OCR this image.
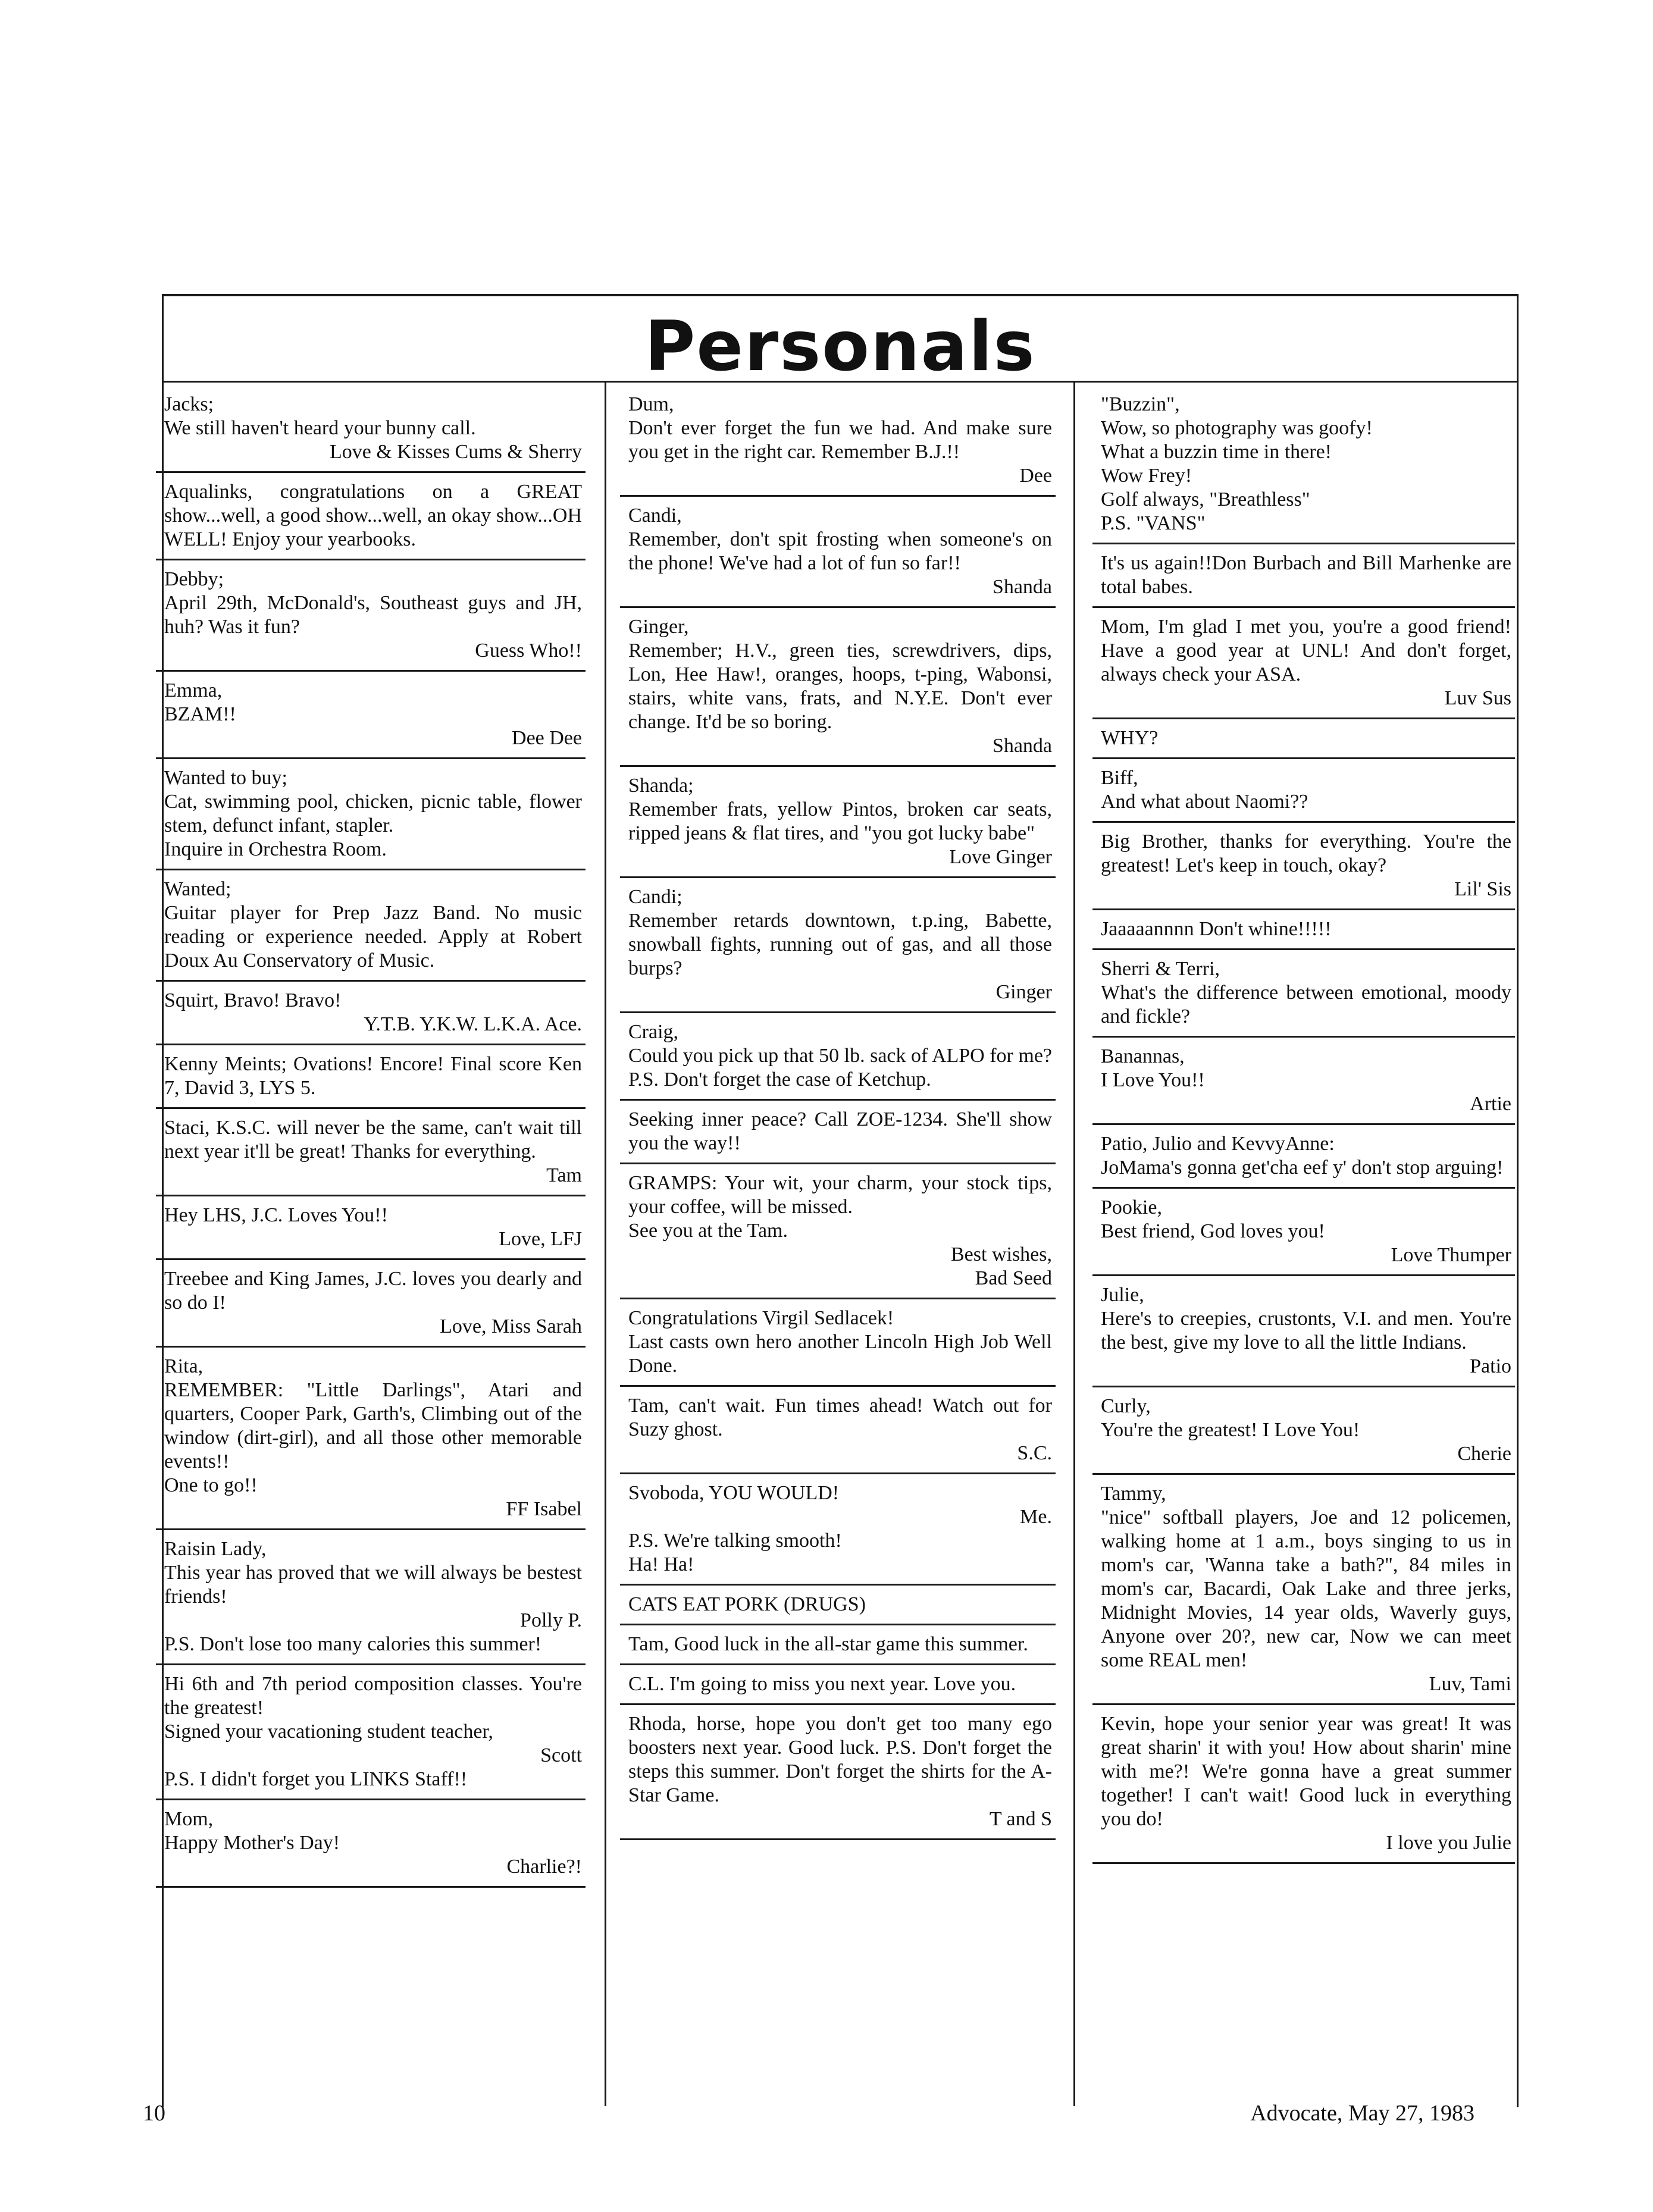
Personals

Jacks;

We still haven't heard your bunny call.

Love & Kisses Cums & Sherry

Aqualinks, congratulations on a GREAT show...well, a good show...well, an okay show...OH WELL! Enjoy your yearbooks.

Debby;

April 29th, McDonald's, Southeast guys and JH, huh? Was it fun?

Guess Who!!

Emma,

BZAM!!

Dee Dee

Wanted to buy;

Cat, swimming pool, chicken, picnic table, flower stem, defunct infant, stapler.

Inquire in Orchestra Room.

Wanted;

Guitar player for Prep Jazz Band. No music reading or experience needed. Apply at Robert Doux Au Conservatory of Music.

Squirt, Bravo! Bravo!

Y.T.B. Y.K.W. L.K.A. Ace.

Kenny Meints; Ovations! Encore! Final score Ken 7, David 3, LYS 5.

Staci, K.S.C. will never be the same, can't wait till next year it'll be great! Thanks for everything.

Tam

Hey LHS, J.C. Loves You!!

Love, LFJ

Treebee and King James, J.C. loves you dearly and so do I!

Love, Miss Sarah

Rita,

REMEMBER: "Little Darlings", Atari and quarters, Cooper Park, Garth's, Climbing out of the window (dirt-girl), and all those other memorable events!!

One to go!!

FF Isabel

Raisin Lady,

This year has proved that we will always be bestest friends!

Polly P.

P.S. Don't lose too many calories this summer!

Hi 6th and 7th period composition classes. You're the greatest!

Signed your vacationing student teacher,

Scott

P.S. I didn't forget you LINKS Staff!!

Mom,

Happy Mother's Day!

Charlie?!

Dum,

Don't ever forget the fun we had. And make sure you get in the right car. Remember B.J.!!

Dee

Candi,

Remember, don't spit frosting when someone's on the phone! We've had a lot of fun so far!!

Shanda

Ginger,

Remember; H.V., green ties, screwdrivers, dips, Lon, Hee Haw!, oranges, hoops, t-ping, Wabonsi, stairs, white vans, frats, and N.Y.E. Don't ever change. It'd be so boring.

Shanda

Shanda;

Remember frats, yellow Pintos, broken car seats, ripped jeans & flat tires, and "you got lucky babe"

Love Ginger

Candi;

Remember retards downtown, t.p.ing, Babette, snowball fights, running out of gas, and all those burps?

Ginger

Craig,

Could you pick up that 50 lb. sack of ALPO for me?

P.S. Don't forget the case of Ketchup.

Seeking inner peace? Call ZOE-1234. She'll show you the way!!

GRAMPS: Your wit, your charm, your stock tips, your coffee, will be missed.

See you at the Tam.

Best wishes,

Bad Seed

Congratulations Virgil Sedlacek!

Last casts own hero another Lincoln High Job Well Done.

Tam, can't wait. Fun times ahead! Watch out for Suzy ghost.

S.C.

Svoboda, YOU WOULD!

Me.

P.S. We're talking smooth!

Ha! Ha!

CATS EAT PORK (DRUGS)

Tam, Good luck in the all-star game this summer.

C.L. I'm going to miss you next year. Love you.

Rhoda, horse, hope you don't get too many ego boosters next year. Good luck. P.S. Don't forget the steps this summer. Don't forget the shirts for the A-Star Game.

T and S

"Buzzin",

Wow, so photography was goofy!

What a buzzin time in there!

Wow Frey!

Golf always, "Breathless"

P.S. "VANS"

It's us again!!Don Burbach and Bill Marhenke are total babes.

Mom, I'm glad I met you, you're a good friend! Have a good year at UNL! And don't forget, always check your ASA.

Luv Sus

WHY?

Biff,

And what about Naomi??

Big Brother, thanks for everything. You're the greatest! Let's keep in touch, okay?

Lil' Sis

Jaaaaannnn Don't whine!!!!!

Sherri & Terri,

What's the difference between emotional, moody and fickle?

Banannas,

I Love You!!

Artie

Patio, Julio and KevvyAnne:

JoMama's gonna get'cha eef y' don't stop arguing!

Pookie,

Best friend, God loves you!

Love Thumper

Julie,

Here's to creepies, crustonts, V.I. and men. You're the best, give my love to all the little Indians.

Patio

Curly,

You're the greatest! I Love You!

Cherie

Tammy,

"nice" softball players, Joe and 12 policemen, walking home at 1 a.m., boys singing to us in mom's car, 'Wanna take a bath?", 84 miles in mom's car, Bacardi, Oak Lake and three jerks, Midnight Movies, 14 year olds, Waverly guys, Anyone over 20?, new car, Now we can meet some REAL men!

Luv, Tami

Kevin, hope your senior year was great! It was great sharin' it with you! How about sharin' mine with me?! We're gonna have a great summer together! I can't wait! Good luck in everything you do!

I love you Julie

10	Advocate, May 27, 1983
